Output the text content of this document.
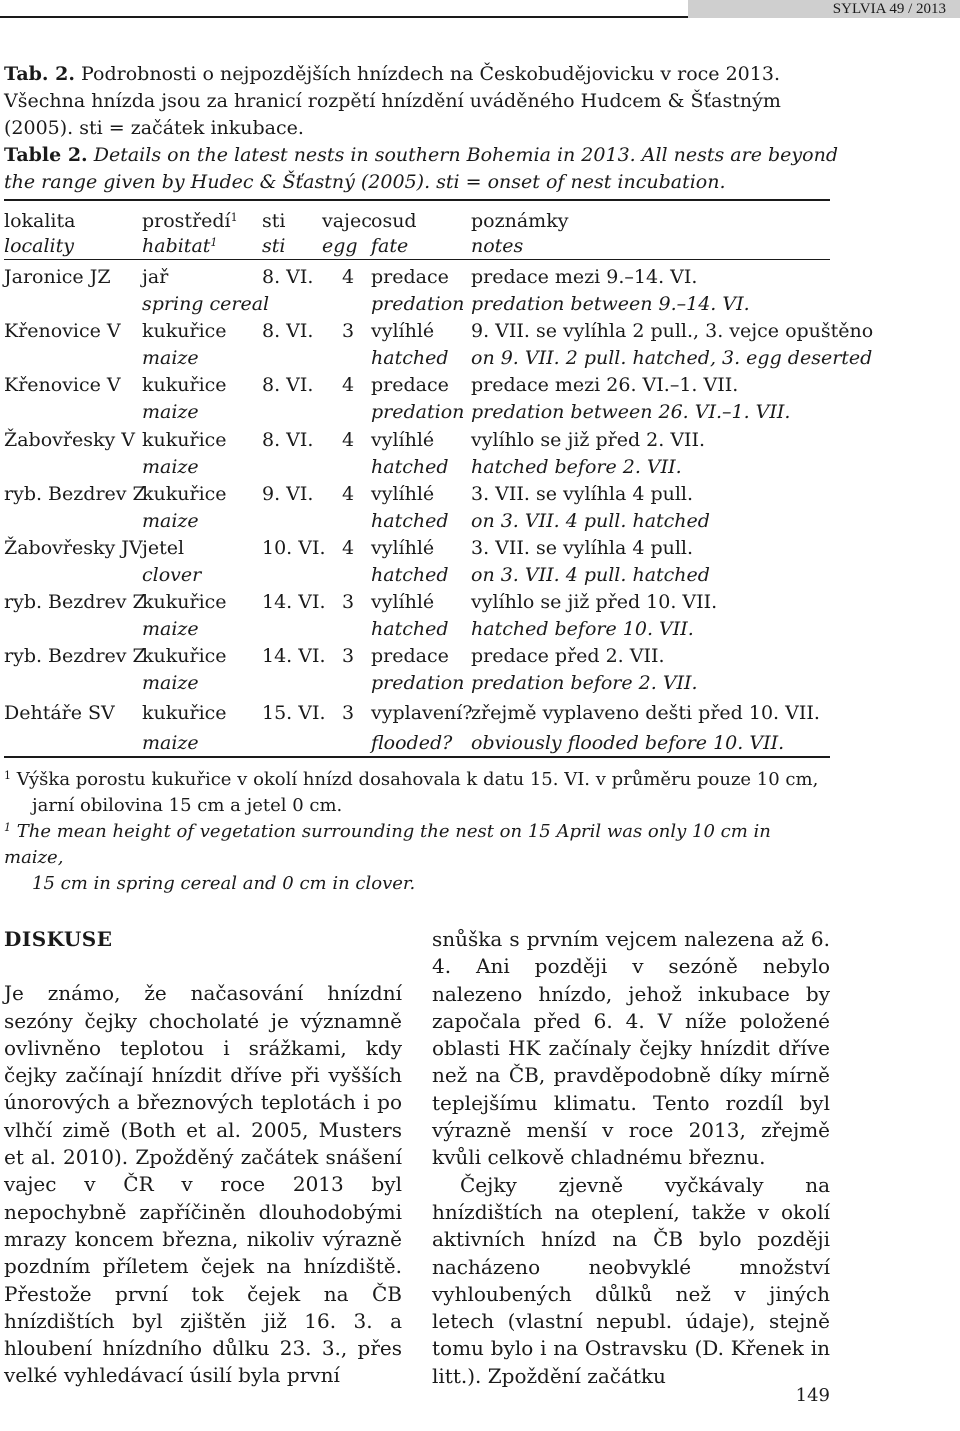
SYLVIA 49 / 2013
Tab. 2. Podrobnosti o nejpozdějších hnízdech na Českobudějovicku v roce 2013. Všechna hnízda jsou za hranicí rozpětí hnízdění uváděného Hudcem & Šťastným (2005). sti = začátek inkubace.
Table 2. Details on the latest nests in southern Bohemia in 2013. All nests are beyond the range given by Hudec & Šťastný (2005). sti = onset of nest incubation.
lokalita
locality
prostředí$^1$
habitat$^1$
sti
sti
vajec
egg
osud
fate
poznámky
notes
Jaronice JZ jař
spring cereal
8. VI. 4 predace
predation
predace mezi 9.–14. VI.
predation between 9.–14. VI.
Křenovice V kukuřice
maize
8. VI. 3 vylíhlé
hatched
9. VII. se vylíhla 2 pull., 3. vejce opuštěno
on 9. VII. 2 pull. hatched, 3. egg deserted
Křenovice V kukuřice
maize
8. VI. 4 predace
predation
predace mezi 26. VI.–1. VII.
predation between 26. VI.–1. VII.
Žabovřesky V kukuřice
maize
8. VI. 4 vylíhlé
hatched
vylíhlo se již před 2. VII.
hatched before 2. VII.
ryb. Bezdrev Z
kukuřice
maize
9. VI. 4 vylíhlé
hatched
3. VII. se vylíhla 4 pull.
on 3. VII. 4 pull. hatched
Žabovřesky JV jetel
clover
10. VI. 4 vylíhlé
hatched
3. VII. se vylíhla 4 pull.
on 3. VII. 4 pull. hatched
ryb. Bezdrev Z
kukuřice
maize
14. VI. 3 vylíhlé
hatched
vylíhlo se již před 10. VII.
hatched before 10. VII.
ryb. Bezdrev Z
kukuřice
maize
14. VI. 3 predace
predation
predace před 2. VII.
predation before 2. VII.
Dehtáře SV kukuřice
maize
15. VI. 3 vyplavení?
flooded?
zřejmě vyplaveno dešti před 10. VII.
obviously flooded before 10. VII.
$^1$ Výška porostu kukuřice v okolí hnízd dosahovala k datu 15. VI. v průměru pouze 10 cm,
jarní obilovina 15 cm a jetel 0 cm.
$^1$ The mean height of vegetation surrounding the nest on 15 April was only 10 cm in maize,
15 cm in spring cereal and 0 cm in clover.

DISKUSE

Je známo, že načasování hnízdní sezóny čejky chocholaté je významně ovlivněno teplotou i srážkami, kdy čejky začínají hnízdit dříve při vyšších únorových a březnových teplotách i po vlhčí zimě (Both et al. 2005, Musters et al. 2010). Zpožděný začátek snášení vajec v ČR v roce 2013 byl nepochybně zapříčiněn dlouhodobými mrazy koncem března, nikoliv výrazně pozdním příletem čejek na hnízdiště. Přestože první tok čejek na ČB hnízdištích byl zjištěn již 16. 3. a hloubení hnízdního důlku 23. 3., přes velké vyhledávací úsilí byla první

snůška s prvním vejcem nalezena až 6. 4. Ani později v sezóně nebylo nalezeno hnízdo, jehož inkubace by započala před 6. 4. V níže položené oblasti HK začínaly čejky hnízdit dříve než na ČB, pravděpodobně díky mírně teplejšímu klimatu. Tento rozdíl byl výrazně menší v roce 2013, zřejmě kvůli celkově chladnému březnu.

Čejky zjevně vyčkávaly na hnízdištích na oteplení, takže v okolí aktivních hnízd na ČB bylo později nacházeno neobvyklé množství vyhloubených důlků než v jiných letech (vlastní nepubl. údaje), stejně tomu bylo i na Ostravsku (D. Křenek in litt.). Zpoždění začátku

149
